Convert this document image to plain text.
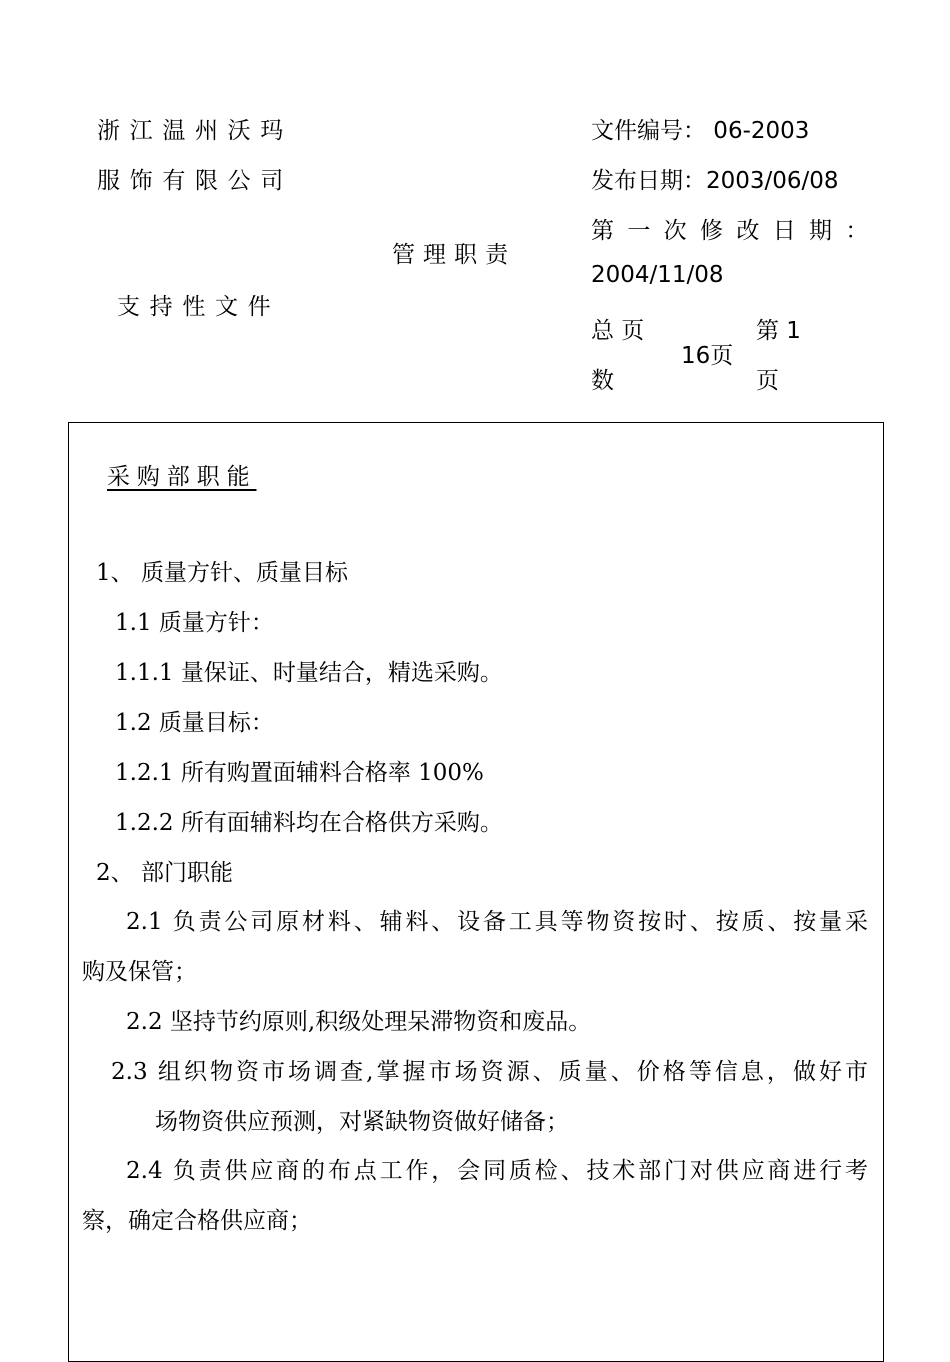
浙江温州沃玛
服饰有限公司
管理职责
支持性文件
文件编号： 06-2003
发布日期：2003/06/08
第一次修改日期：
2004/11/08
总 页
数
16页
第 1
页
采购部职能
1、 质量方针、质量目标
1.1 质量方针：
1.1.1 量保证、时量结合，精选采购。
1.2 质量目标：
1.2.1 所有购置面辅料合格率 100%
1.2.2 所有面辅料均在合格供方采购。
2、 部门职能
2.1 负责公司原材料、辅料、设备工具等物资按时、按质、按量采
购及保管；
2.2 坚持节约原则,积级处理呆滞物资和废品。
2.3 组织物资市场调查,掌握市场资源、质量、价格等信息，做好市
场物资供应预测，对紧缺物资做好储备；
2.4 负责供应商的布点工作，会同质检、技术部门对供应商进行考
察，确定合格供应商；
